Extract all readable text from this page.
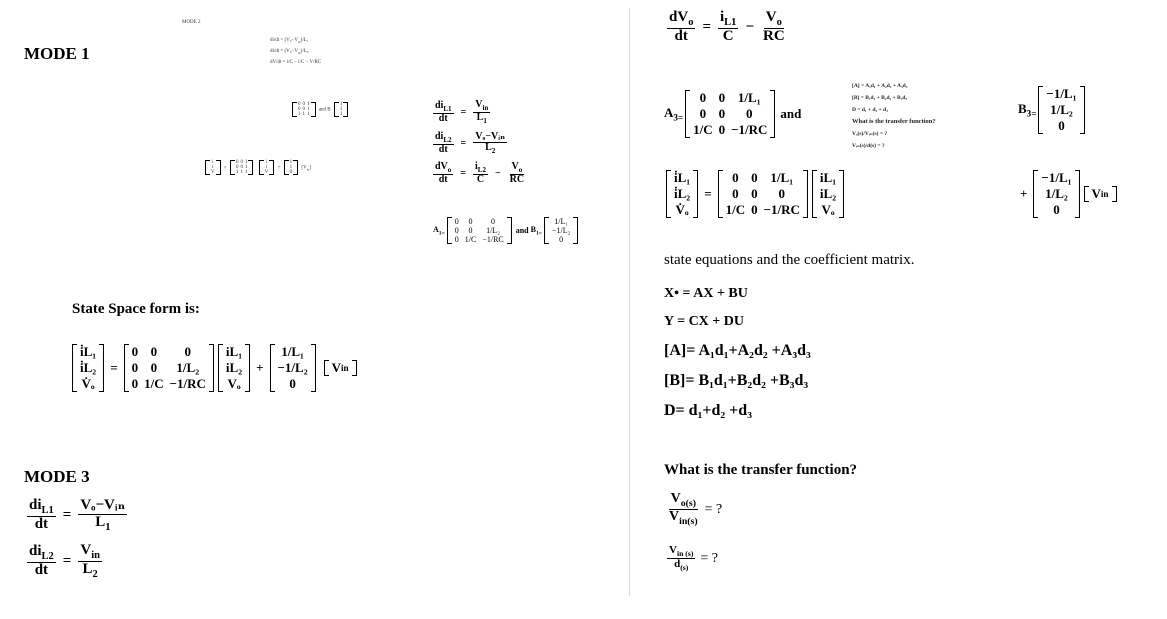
MODE 2
$di/dt = (V_0-V_{in})/L_1$
$di/dt = (V_0-V_{in})/L_2$
dV/dt = i/C − i/C − V/RC
0 0 1
0 0 1
1 1 1
and B
1
1
1
i
i
V
=
0 0 1
0 0 1
1 1 1

i
i
V
+
1
1
0
$[V_{in}]$
MODE 1
$\frac{di_{L1}}{dt} = \frac{V_{in}}{L_1}$
$\frac{di_{L2}}{dt} = \frac{\text{Vₒ−Vᵢₙ}}{L_2}$
$\frac{dV_o}{dt} = \frac{i_{L2}}{C} - \frac{V_o}{RC}$
$A_{1=}$
0	0	0
0	0	1/L₂
0 1/C −1/RC
and $B_{1=}$
1/L₁
−1/L₂
0
State Space form is:
i̇L₁
i̇L₂
V̇ₒ
=
0 0	0
0 0	1/L₂
0 1/C −1/RC
iL₁
iL₂
Vₒ
+
1/L₁
−1/L₂
0
V in
MODE 3
$\frac{di_{L1}}{dt} = \frac{\text{Vₒ−Vᵢₙ}}{L_1}$
$\frac{di_{L2}}{dt} = \frac{V_{in}}{L_2}$
$\frac{dV_o}{dt} = \frac{i_{L1}}{C} - \frac{V_o}{RC}$
$A_{3=}$
0 0 1/L₁
0 0	0
1/C 0 −1/RC
and
[A] = A₁d₁ + A₂d₂ + A₃d₃
[B] = B₁d₁ + B₂d₂ + B₃d₃
D = d₁ + d₂ + d₃
What is the transfer function?
Vₒ(s)/Vᵢₙ(s) = ?
Vᵢₙ(s)/d(s) = ?
$B_{3=}$
−1/L₁
1/L₂
0
i̇L₁
i̇L₂
V̇ₒ
=
0 0 1/L₁
0 0	0
1/C 0 −1/RC
iL₁
iL₂
Vₒ
+
−1/L₁
1/L₂
0
V in
state equations and the coefficient matrix.
X• = AX + BU
Y = CX + DU
[A]= A₁d₁+A₂d₂ +A₃d₃
[B]= B₁d₁+B₂d₂ +B₃d₃
D= d₁+d₂ +d₃
What is the transfer function?
$\frac{V_{o(s)}}{V_{in(s)}}$ = ?
$\frac{V_{in (s)}}{d_{(s)}}$ = ?
